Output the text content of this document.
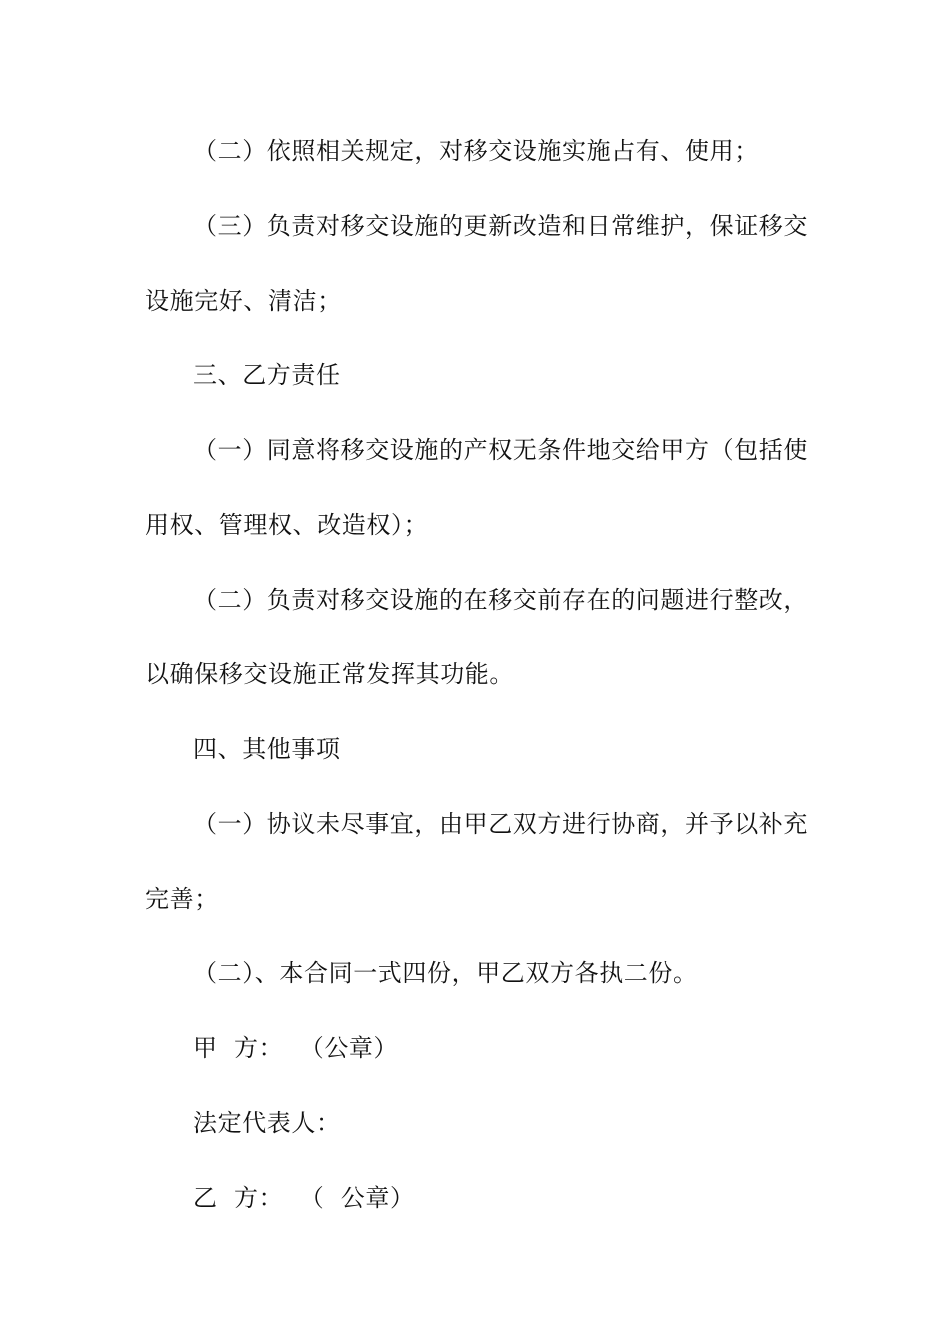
（二）依照相关规定，对移交设施实施占有、使用；
（三）负责对移交设施的更新改造和日常维护，保证移交
设施完好、清洁；
三、乙方责任
（一）同意将移交设施的产权无条件地交给甲方（包括使
用权、管理权、改造权）；
（二）负责对移交设施的在移交前存在的问题进行整改，
以确保移交设施正常发挥其功能。
四、其他事项
（一）协议未尽事宜，由甲乙双方进行协商，并予以补充
完善；
（二）、本合同一式四份，甲乙双方各执二份。
甲  方：  （公章）
法定代表人：
乙  方：  （  公章）
